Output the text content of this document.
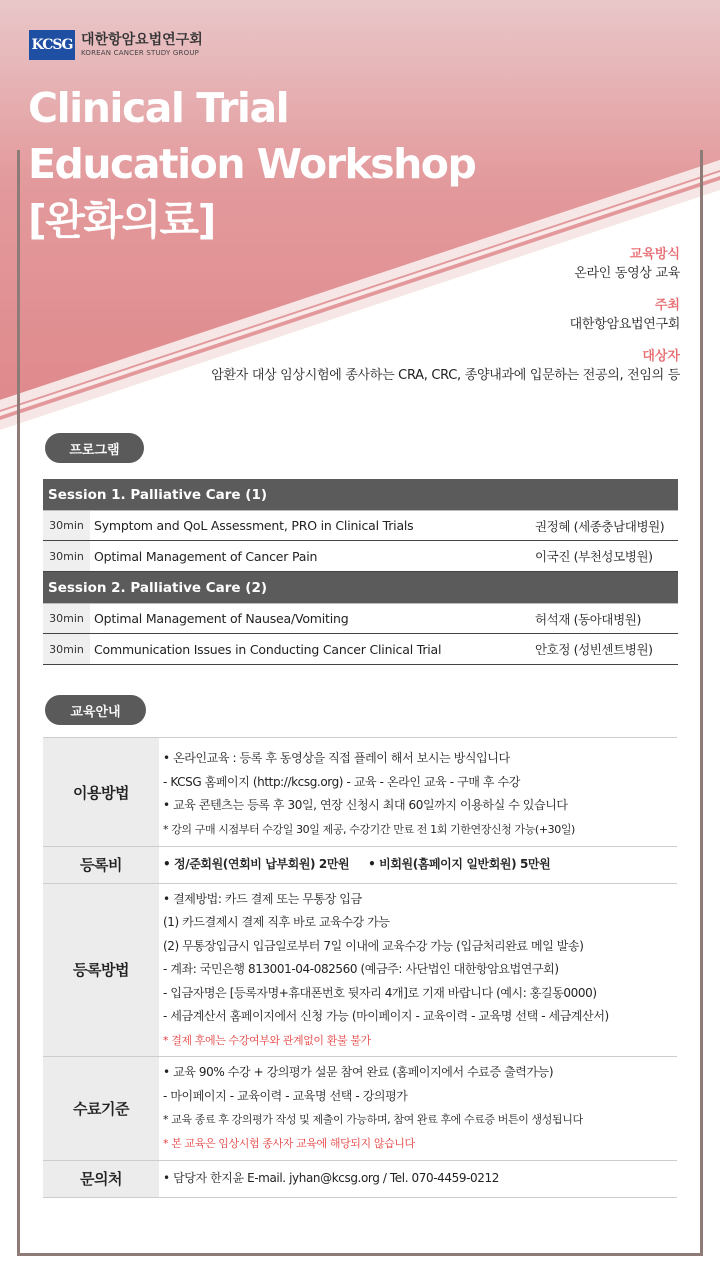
KCSG 대한항암요법연구회
KOREAN CANCER STUDY GROUP
Clinical Trial
Education Workshop
[완화의료]
교육방식
온라인 동영상 교육
주최
대한항암요법연구회
대상자
암환자 대상 임상시험에 종사하는 CRA, CRC, 종양내과에 입문하는 전공의, 전임의 등
프로그램
Session 1. Palliative Care (1)
30min Symptom and QoL Assessment, PRO in Clinical Trials	권정혜 (세종충남대병원)
30min Optimal Management of Cancer Pain	이국진 (부천성모병원)
Session 2. Palliative Care (2)
30min Optimal Management of Nausea/Vomiting	허석재 (동아대병원)
30min Communication Issues in Conducting Cancer Clinical Trial	안호정 (성빈센트병원)
교육안내
이용방법
• 온라인교육 : 등록 후 동영상을 직접 플레이 해서 보시는 방식입니다
- KCSG 홈페이지 (http://kcsg.org) - 교육 - 온라인 교육 - 구매 후 수강
• 교육 콘텐츠는 등록 후 30일, 연장 신청시 최대 60일까지 이용하실 수 있습니다
* 강의 구매 시점부터 수강일 30일 제공, 수강기간 만료 전 1회 기한연장신청 가능(+30일)
등록비	• 정/준회원(연회비 납부회원) 2만원     • 비회원(홈페이지 일반회원) 5만원
등록방법
• 결제방법: 카드 결제 또는 무통장 입금
(1) 카드결제시 결제 직후 바로 교육수강 가능
(2) 무통장입금시 입금일로부터 7일 이내에 교육수강 가능 (입금처리완료 메일 발송)
- 계좌: 국민은행 813001-04-082560 (예금주: 사단법인 대한항암요법연구회)
- 입금자명은 [등록자명+휴대폰번호 뒷자리 4개]로 기재 바랍니다 (예시: 홍길동0000)
- 세금계산서 홈페이지에서 신청 가능 (마이페이지 - 교육이력 - 교육명 선택 - 세금계산서)
* 결제 후에는 수강여부와 관계없이 환불 불가
수료기준
• 교육 90% 수강 + 강의평가 설문 참여 완료 (홈페이지에서 수료증 출력가능)
- 마이페이지 - 교육이력 - 교육명 선택 - 강의평가
* 교육 종료 후 강의평가 작성 및 제출이 가능하며, 참여 완료 후에 수료증 버튼이 생성됩니다
* 본 교육은 임상시험 종사자 교육에 해당되지 않습니다
문의처	• 담당자 한지윤 E-mail. jyhan@kcsg.org / Tel. 070-4459-0212
